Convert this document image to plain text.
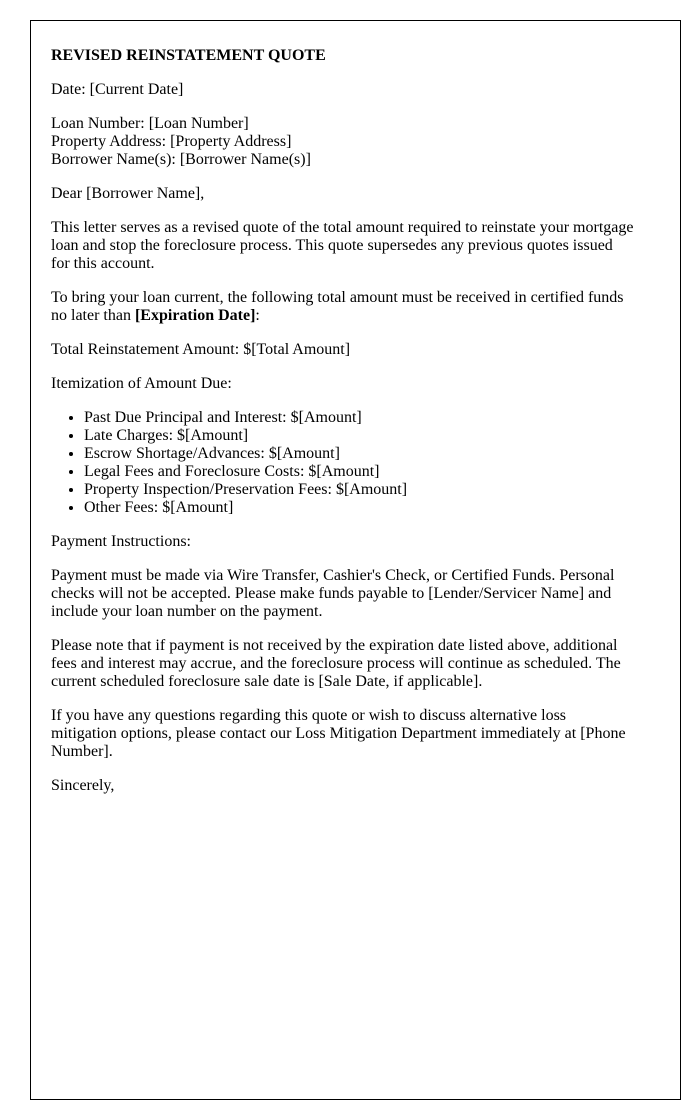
REVISED REINSTATEMENT QUOTE

Date: [Current Date]

Loan Number: [Loan Number]
Property Address: [Property Address]
Borrower Name(s): [Borrower Name(s)]

Dear [Borrower Name],

This letter serves as a revised quote of the total amount required to reinstate your mortgage loan and stop the foreclosure process. This quote supersedes any previous quotes issued for this account.

To bring your loan current, the following total amount must be received in certified funds no later than [Expiration Date]:

Total Reinstatement Amount: $[Total Amount]

Itemization of Amount Due:

• Past Due Principal and Interest: $[Amount]
• Late Charges: $[Amount]
• Escrow Shortage/Advances: $[Amount]
• Legal Fees and Foreclosure Costs: $[Amount]
• Property Inspection/Preservation Fees: $[Amount]
• Other Fees: $[Amount]

Payment Instructions:

Payment must be made via Wire Transfer, Cashier's Check, or Certified Funds. Personal checks will not be accepted. Please make funds payable to [Lender/Servicer Name] and include your loan number on the payment.

Please note that if payment is not received by the expiration date listed above, additional fees and interest may accrue, and the foreclosure process will continue as scheduled. The current scheduled foreclosure sale date is [Sale Date, if applicable].

If you have any questions regarding this quote or wish to discuss alternative loss mitigation options, please contact our Loss Mitigation Department immediately at [Phone Number].

Sincerely,
